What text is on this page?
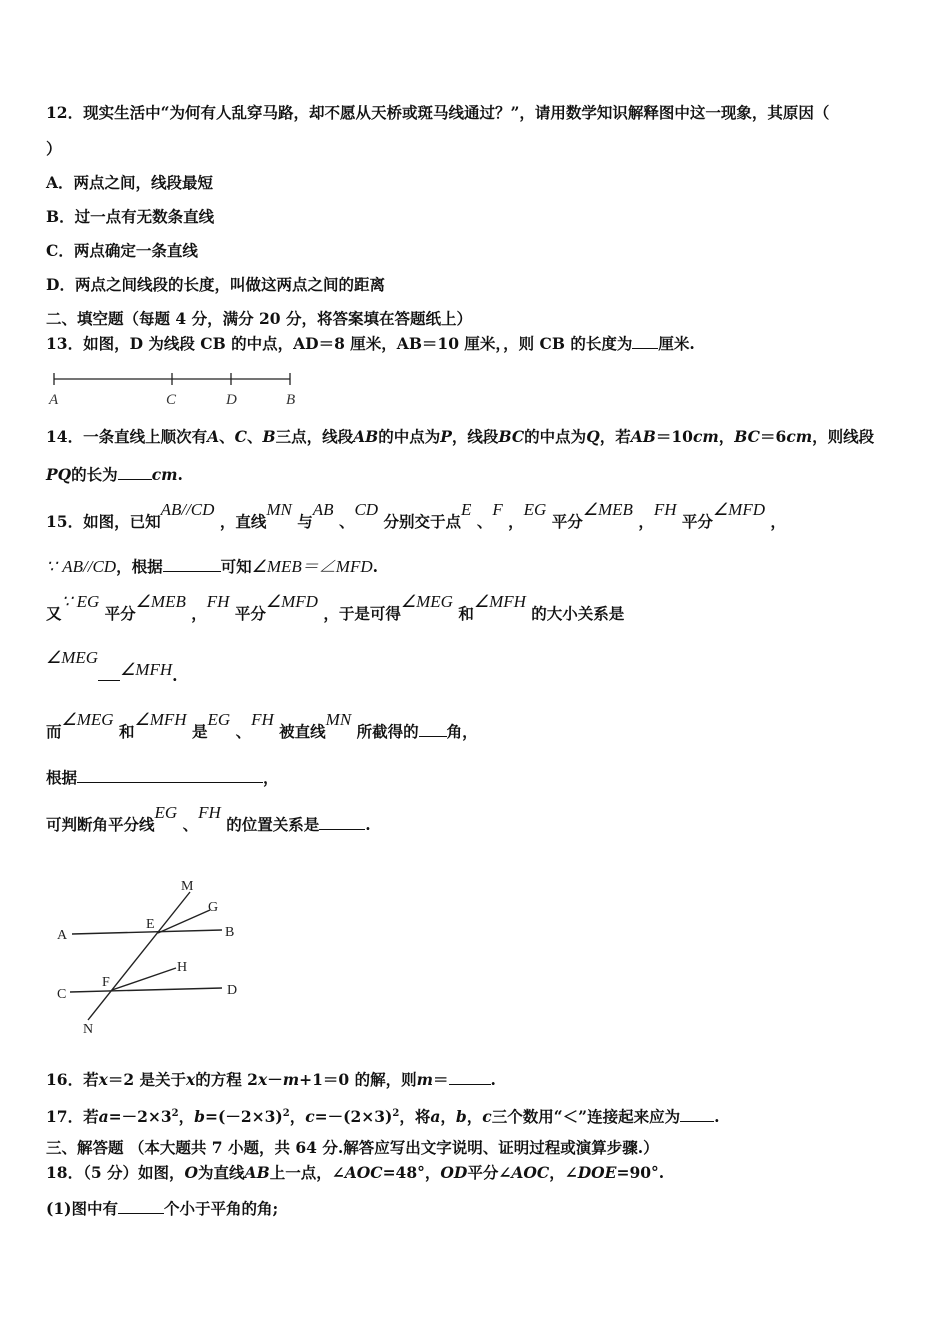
12．现实生活中“为何有人乱穿马路，却不愿从天桥或斑马线通过？”，请用数学知识解释图中这一现象，其原因（
）
A．两点之间，线段最短
B．过一点有无数条直线
C．两点确定一条直线
D．两点之间线段的长度，叫做这两点之间的距离
二、填空题（每题 4 分，满分 20 分，将答案填在答题纸上）
13．如图，D 为线段 CB 的中点，AD＝8 厘米，AB＝10 厘米，，则 CB 的长度为 厘米.
A	C	D	B
14．一条直线上顺次有A、C、B三点，线段AB的中点为P，线段BC的中点为Q，若AB＝10cm，BC＝6cm，则线段
PQ的长为 cm.
15．如图，已知AB//CD ，直线MN 与AB 、CD 分别交于点E 、F ，EG 平分∠MEB ，FH 平分∠MFD ，
∵ AB//CD，根据	可知∠MEB＝∠MFD.
又∵ EG 平分∠MEB ，FH 平分∠MFD ，于是可得∠MEG 和∠MFH 的大小关系是
∠MEG∠MFH.
而∠MEG 和∠MFH 是EG 、FH 被直线MN 所截得的 角，
根据	，
可判断角平分线EG 、FH 的位置关系是	.
M
G
E
A	B
H
F
C	D
N
16．若x＝2 是关于x的方程 2x－m+1＝0 的解，则m＝	.
17．若$a=-2\times 3^2$，$b=(-2\times 3)^2$，$c=-(2\times 3)^2$，将a，b，c三个数用“＜”连接起来应为 .
三、解答题 （本大题共 7 小题，共 64 分.解答应写出文字说明、证明过程或演算步骤.）
18．（5 分）如图，O为直线AB上一点，∠AOC=48°，OD平分∠AOC，∠DOE=90°.
(1)图中有	个小于平角的角;
